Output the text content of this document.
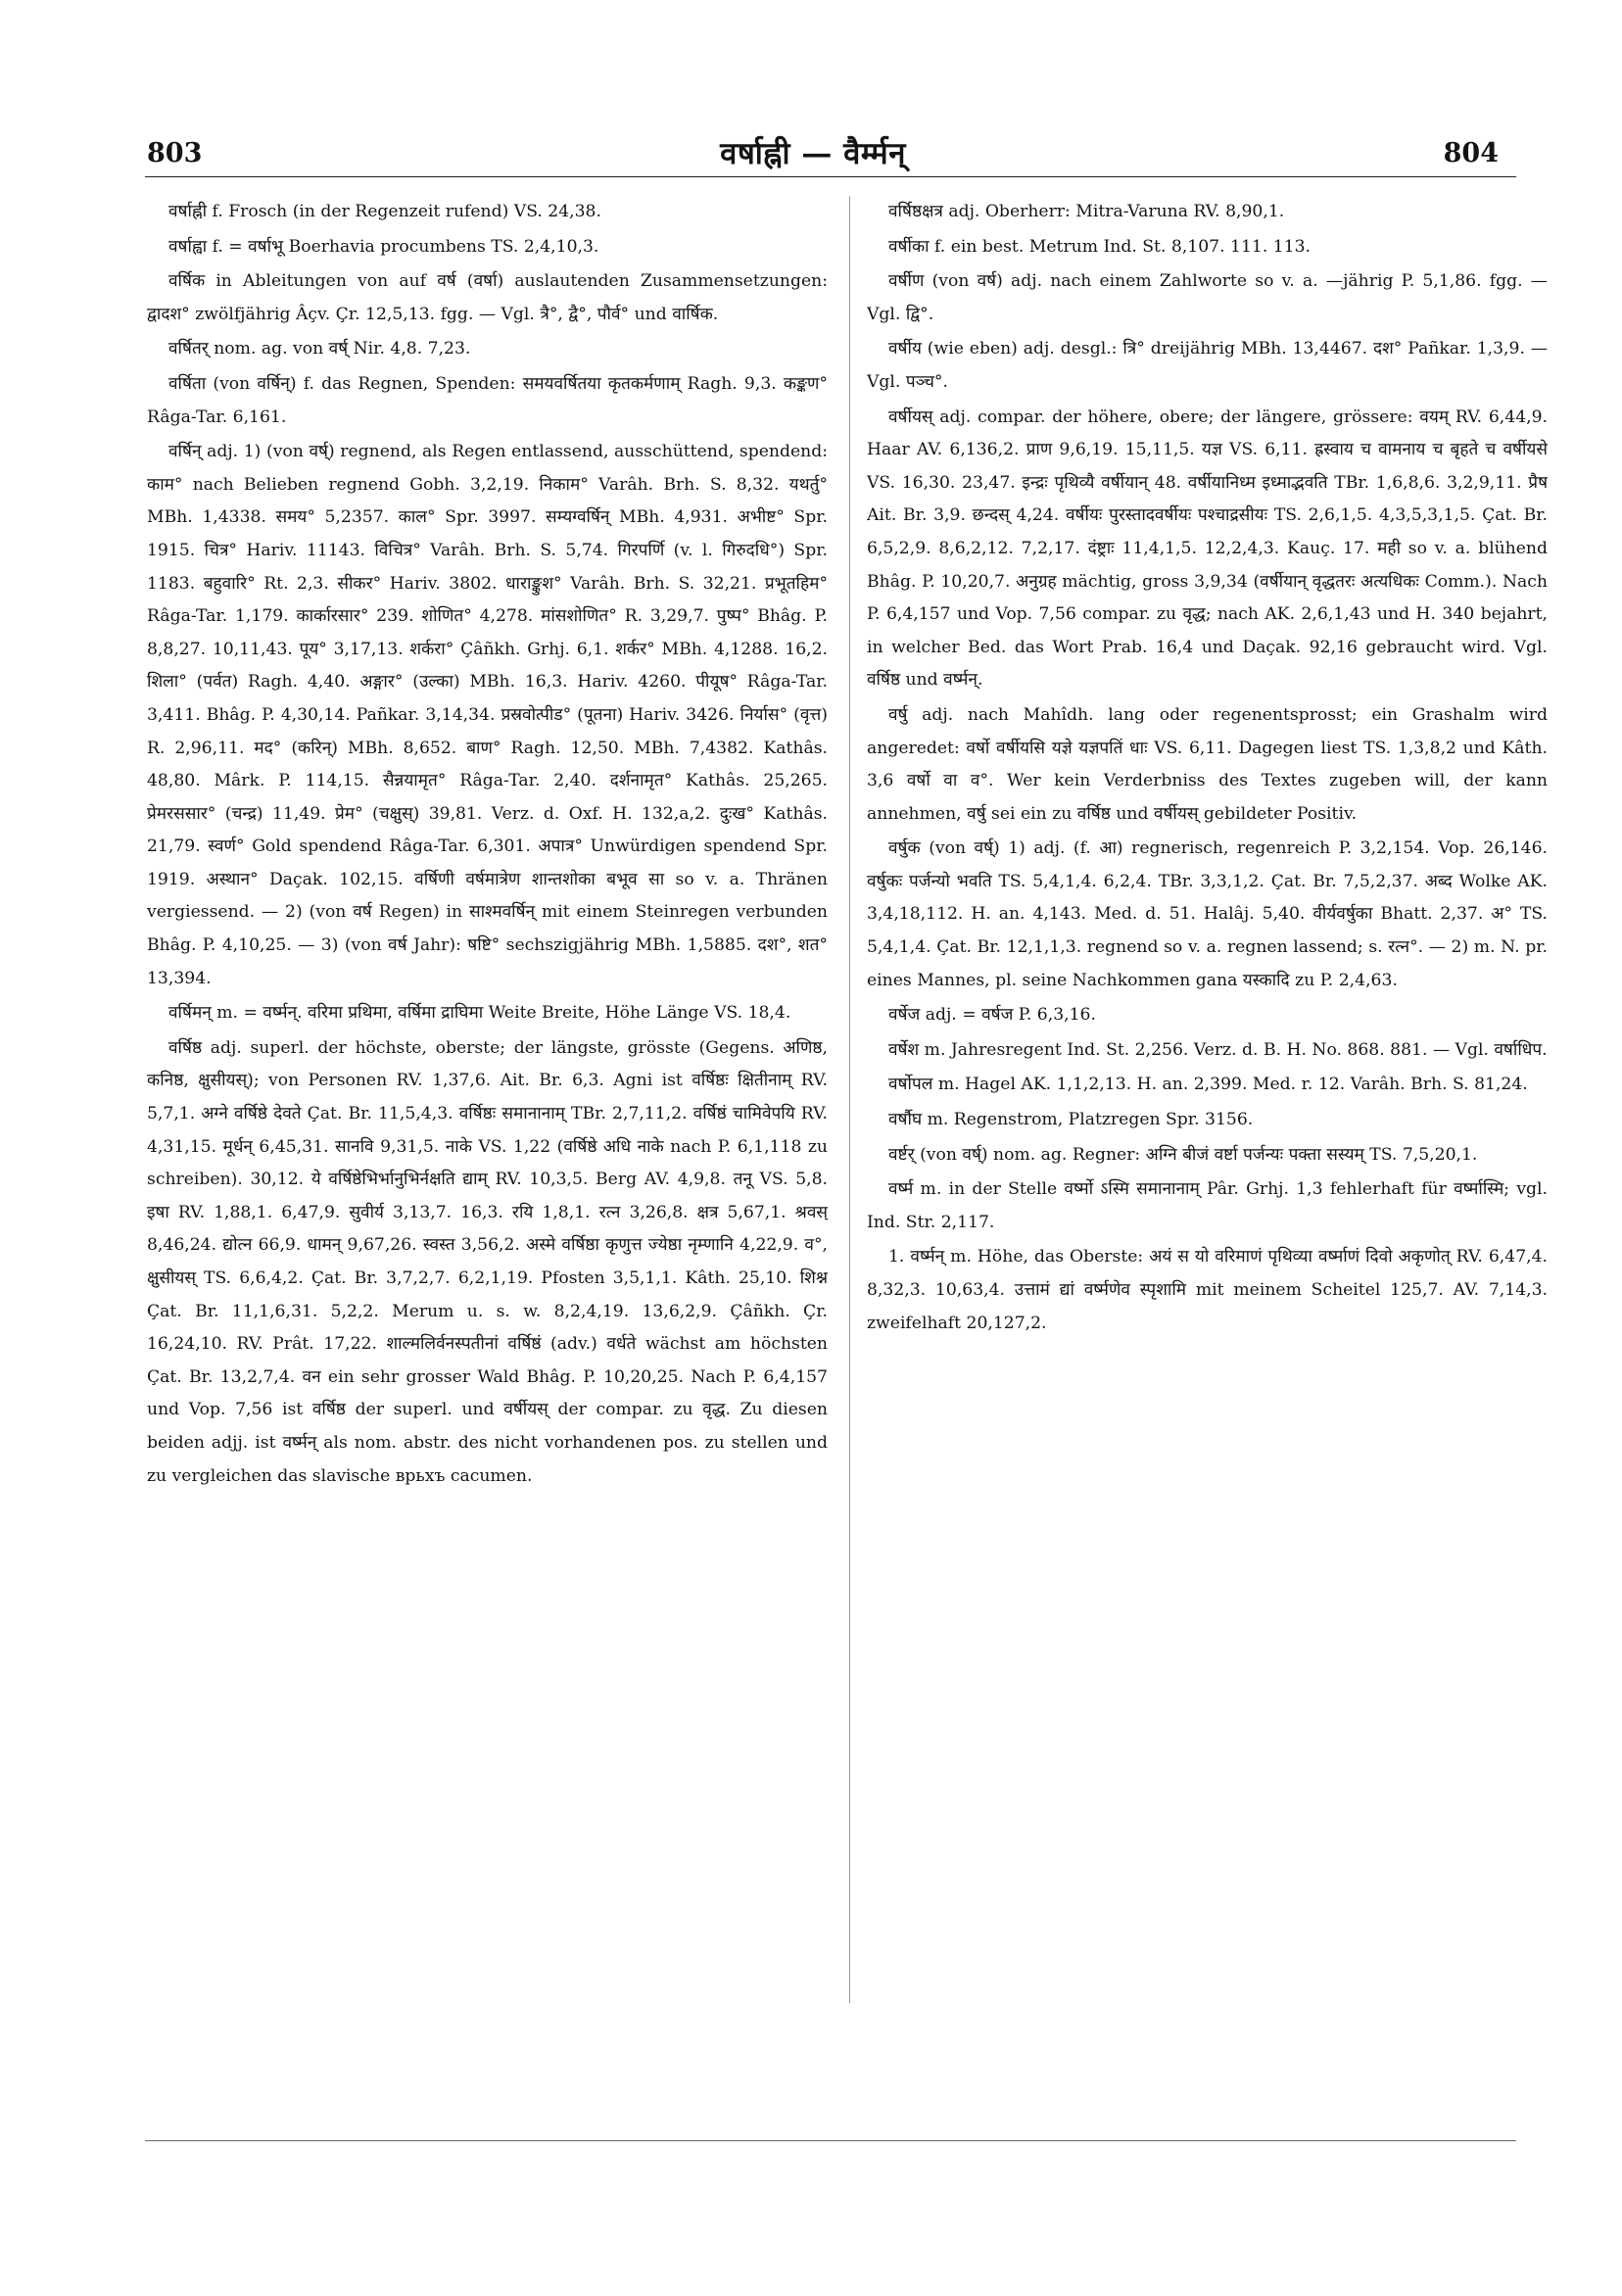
803	वर्षाह्नी — वैर्म्मन्	804

वर्षाह्नी f. Frosch (in der Regenzeit rufend) VS. 24,38.

वर्षाह्वा f. = वर्षाभू Boerhavia procumbens TS. 2,4,10,3.

वर्षिक in Ableitungen von auf वर्ष (वर्षा) auslautenden Zusammensetzungen: द्वादश° zwölfjährig Âçv. Çr. 12,5,13. fgg. — Vgl. त्रै°, द्वै°, पौर्व° und वार्षिक.

वर्षितर् nom. ag. von वर्ष् Nir. 4,8. 7,23.

वर्षिता (von वर्षिन्) f. das Regnen, Spenden: समयवर्षितया कृतकर्मणाम् Ragh. 9,3. कङ्कण° Râga-Tar. 6,161.

वर्षिन् adj. 1) (von वर्ष्) regnend, als Regen entlassend, ausschüttend, spendend: काम° nach Belieben regnend Gobh. 3,2,19. निकाम° Varâh. Brh. S. 8,32. यथर्तु° MBh. 1,4338. समय° 5,2357. काल° Spr. 3997. सम्यग्वर्षिन् MBh. 4,931. अभीष्ट° Spr. 1915. चित्र° Hariv. 11143. विचित्र° Varâh. Brh. S. 5,74. गिरपर्णि (v. l. गिरुदधि°) Spr. 1183. बहुवारि° Rt. 2,3. सीकर° Hariv. 3802. धाराङ्कुश° Varâh. Brh. S. 32,21. प्रभूतहिम° Râga-Tar. 1,179. कार्कारसार° 239. शोणित° 4,278. मांसशोणित° R. 3,29,7. पुष्प° Bhâg. P. 8,8,27. 10,11,43. पूय° 3,17,13. शर्करा° Çâñkh. Grhj. 6,1. शर्कर° MBh. 4,1288. 16,2. शिला° (पर्वत) Ragh. 4,40. अङ्गार° (उल्का) MBh. 16,3. Hariv. 4260. पीयूष° Râga-Tar. 3,411. Bhâg. P. 4,30,14. Pañkar. 3,14,34. प्रस्रवोत्पीड° (पूतना) Hariv. 3426. निर्यास° (वृत्त) R. 2,96,11. मद° (करिन्) MBh. 8,652. बाण° Ragh. 12,50. MBh. 7,4382. Kathâs. 48,80. Mârk. P. 114,15. सैन्नयामृत° Râga-Tar. 2,40. दर्शनामृत° Kathâs. 25,265. प्रेमरससार° (चन्द्र) 11,49. प्रेम° (चक्षुस्) 39,81. Verz. d. Oxf. H. 132,a,2. दुःख° Kathâs. 21,79. स्वर्ण° Gold spendend Râga-Tar. 6,301. अपात्र° Unwürdigen spendend Spr. 1919. अस्थान° Daçak. 102,15. वर्षिणी वर्षमात्रेण शान्तशोका बभूव सा so v. a. Thränen vergiessend. — 2) (von वर्ष Regen) in साश्मवर्षिन् mit einem Steinregen verbunden Bhâg. P. 4,10,25. — 3) (von वर्ष Jahr): षष्टि° sechszigjährig MBh. 1,5885. दश°, शत° 13,394.

वर्षिमन् m. = वर्ष्मन्. वरिमा प्रथिमा, वर्षिमा द्राघिमा Weite Breite, Höhe Länge VS. 18,4.

वर्षिष्ठ adj. superl. der höchste, oberste; der längste, grösste (Gegens. अणिष्ठ, कनिष्ठ, क्षुसीयस्); von Personen RV. 1,37,6. Ait. Br. 6,3. Agni ist वर्षिष्ठः क्षितीनाम् RV. 5,7,1. अग्ने वर्षिष्ठे देवते Çat. Br. 11,5,4,3. वर्षिष्ठः समानानाम् TBr. 2,7,11,2. वर्षिष्ठं चामिवेपयि RV. 4,31,15. मूर्धन् 6,45,31. सानवि 9,31,5. नाके VS. 1,22 (वर्षिष्ठे अधि नाके nach P. 6,1,118 zu schreiben). 30,12. ये वर्षिष्ठेभिर्भानुभिर्नक्षति द्याम् RV. 10,3,5. Berg AV. 4,9,8. तनू VS. 5,8. इषा RV. 1,88,1. 6,47,9. सुवीर्य 3,13,7. 16,3. रयि 1,8,1. रत्न 3,26,8. क्षत्र 5,67,1. श्रवस् 8,46,24. द्योत्न 66,9. धामन् 9,67,26. स्वस्त 3,56,2. अस्मे वर्षिष्ठा कृणुत्त ज्येष्ठा नृम्णानि 4,22,9. व°, क्षुसीयस् TS. 6,6,4,2. Çat. Br. 3,7,2,7. 6,2,1,19. Pfosten 3,5,1,1. Kâth. 25,10. शिश्न Çat. Br. 11,1,6,31. 5,2,2. Merum u. s. w. 8,2,4,19. 13,6,2,9. Çâñkh. Çr. 16,24,10. RV. Prât. 17,22. शाल्मलिर्वनस्पतीनां वर्षिष्ठं (adv.) वर्धते wächst am höchsten Çat. Br. 13,2,7,4. वन ein sehr grosser Wald Bhâg. P. 10,20,25. Nach P. 6,4,157 und Vop. 7,56 ist वर्षिष्ठ der superl. und वर्षीयस् der compar. zu वृद्ध. Zu diesen beiden adjj. ist वर्ष्मन् als nom. abstr. des nicht vorhandenen pos. zu stellen und zu vergleichen das slavische врьхъ cacumen.

वर्षिष्ठक्षत्र adj. Oberherr: Mitra-Varuna RV. 8,90,1.

वर्षीका f. ein best. Metrum Ind. St. 8,107. 111. 113.

वर्षीण (von वर्ष) adj. nach einem Zahlworte so v. a. —jährig P. 5,1,86. fgg. — Vgl. द्वि°.

वर्षीय (wie eben) adj. desgl.: त्रि° dreijährig MBh. 13,4467. दश° Pañkar. 1,3,9. — Vgl. पञ्च°.

वर्षीयस् adj. compar. der höhere, obere; der längere, grössere: वयम् RV. 6,44,9. Haar AV. 6,136,2. प्राण 9,6,19. 15,11,5. यज्ञ VS. 6,11. ह्रस्वाय च वामनाय च बृहते च वर्षीयसे VS. 16,30. 23,47. इन्द्रः पृथिव्यै वर्षीयान् 48. वर्षीयानिध्म इध्माद्भवति TBr. 1,6,8,6. 3,2,9,11. प्रैष Ait. Br. 3,9. छन्दस् 4,24. वर्षीयः पुरस्तादवर्षीयः पश्चाद्रसीयः TS. 2,6,1,5. 4,3,5,3,1,5. Çat. Br. 6,5,2,9. 8,6,2,12. 7,2,17. दंष्ट्राः 11,4,1,5. 12,2,4,3. Kauç. 17. मही so v. a. blühend Bhâg. P. 10,20,7. अनुग्रह mächtig, gross 3,9,34 (वर्षीयान् वृद्धतरः अत्यधिकः Comm.). Nach P. 6,4,157 und Vop. 7,56 compar. zu वृद्ध; nach AK. 2,6,1,43 und H. 340 bejahrt, in welcher Bed. das Wort Prab. 16,4 und Daçak. 92,16 gebraucht wird. Vgl. वर्षिष्ठ und वर्ष्मन्.

वर्षु adj. nach Mahîdh. lang oder regenentsprosst; ein Grashalm wird angeredet: वर्षो वर्षीयसि यज्ञे यज्ञपतिं धाः VS. 6,11. Dagegen liest TS. 1,3,8,2 und Kâth. 3,6 वर्षो वा व°. Wer kein Verderbniss des Textes zugeben will, der kann annehmen, वर्षु sei ein zu वर्षिष्ठ und वर्षीयस् gebildeter Positiv.

वर्षुक (von वर्ष्) 1) adj. (f. आ) regnerisch, regenreich P. 3,2,154. Vop. 26,146. वर्षुकः पर्जन्यो भवति TS. 5,4,1,4. 6,2,4. TBr. 3,3,1,2. Çat. Br. 7,5,2,37. अब्द Wolke AK. 3,4,18,112. H. an. 4,143. Med. d. 51. Halâj. 5,40. वीर्यवर्षुका Bhatt. 2,37. अ° TS. 5,4,1,4. Çat. Br. 12,1,1,3. regnend so v. a. regnen lassend; s. रत्न°. — 2) m. N. pr. eines Mannes, pl. seine Nachkommen gana यस्कादि zu P. 2,4,63.

वर्षेज adj. = वर्षज P. 6,3,16.

वर्षेश m. Jahresregent Ind. St. 2,256. Verz. d. B. H. No. 868. 881. — Vgl. वर्षाधिप.

वर्षोपल m. Hagel AK. 1,1,2,13. H. an. 2,399. Med. r. 12. Varâh. Brh. S. 81,24.

वर्षौघ m. Regenstrom, Platzregen Spr. 3156.

वर्ष्टर् (von वर्ष्) nom. ag. Regner: अग्नि बीजं वर्ष्टा पर्जन्यः पक्ता सस्यम् TS. 7,5,20,1.

वर्ष्म m. in der Stelle वर्ष्मो ऽस्मि समानानाम् Pâr. Grhj. 1,3 fehlerhaft für वर्ष्मास्मि; vgl. Ind. Str. 2,117.

1. वर्ष्मन् m. Höhe, das Oberste: अयं स यो वरिमाणं पृथिव्या वर्ष्माणं दिवो अकृणोत् RV. 6,47,4. 8,32,3. 10,63,4. उत्तामं द्यां वर्ष्मणेव स्पृशामि mit meinem Scheitel 125,7. AV. 7,14,3. zweifelhaft 20,127,2.
